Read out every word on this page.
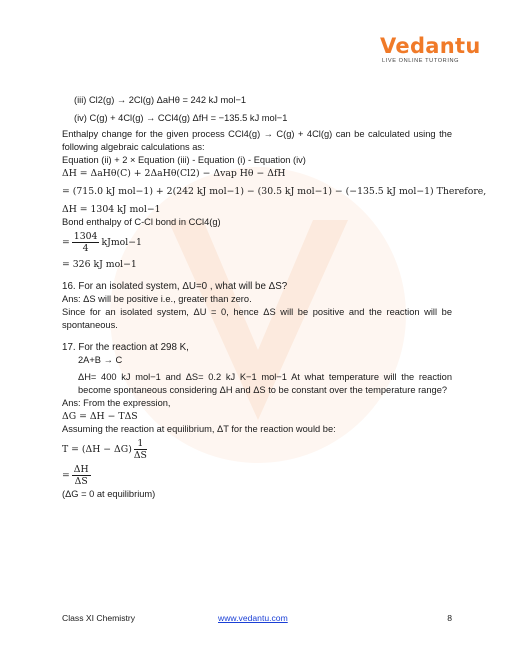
Vedantu
LIVE ONLINE TUTORING
(iii) Cl2(g) → 2Cl(g) ΔaHθ = 242 kJ mol−1
(iv) C(g) + 4Cl(g) → CCl4(g) ΔfH = −135.5 kJ mol−1
Enthalpy change for the given process CCl4(g) → C(g) + 4Cl(g) can be calculated using the following algebraic calculations as:
Equation (ii) + 2 × Equation (iii) - Equation (i) - Equation (iv)
ΔH = ΔaHθ(C) + 2ΔaHθ(Cl2) − Δvap Hθ − ΔfH
= (715.0 kJ mol−1) + 2(242 kJ mol−1) − (30.5 kJ mol−1) − (−135.5 kJ mol−1) Therefore,
ΔH = 1304 kJ mol−1
Bond enthalpy of C-Cl bond in CCl4(g)
= $\frac{1304}{4}$ kJmol−1
= 326 kJ mol−1
16. For an isolated system, ΔU=0 , what will be ΔS?
Ans: ΔS will be positive i.e., greater than zero.
Since for an isolated system, ΔU = 0, hence ΔS will be positive and the reaction will be spontaneous.
17. For the reaction at 298 K,
2A+B → C
ΔH= 400 kJ mol−1 and ΔS= 0.2 kJ K−1 mol−1 At what temperature will the reaction become spontaneous considering ΔH and ΔS to be constant over the temperature range?
Ans: From the expression,
ΔG = ΔH − TΔS
Assuming the reaction at equilibrium, ΔT for the reaction would be:
$T = (\Delta H - \Delta G) \frac{1}{\Delta S}$
= $\frac{\Delta H}{\Delta S}$
(ΔG = 0 at equilibrium)
Class XI Chemistry	www.vedantu.com	8
